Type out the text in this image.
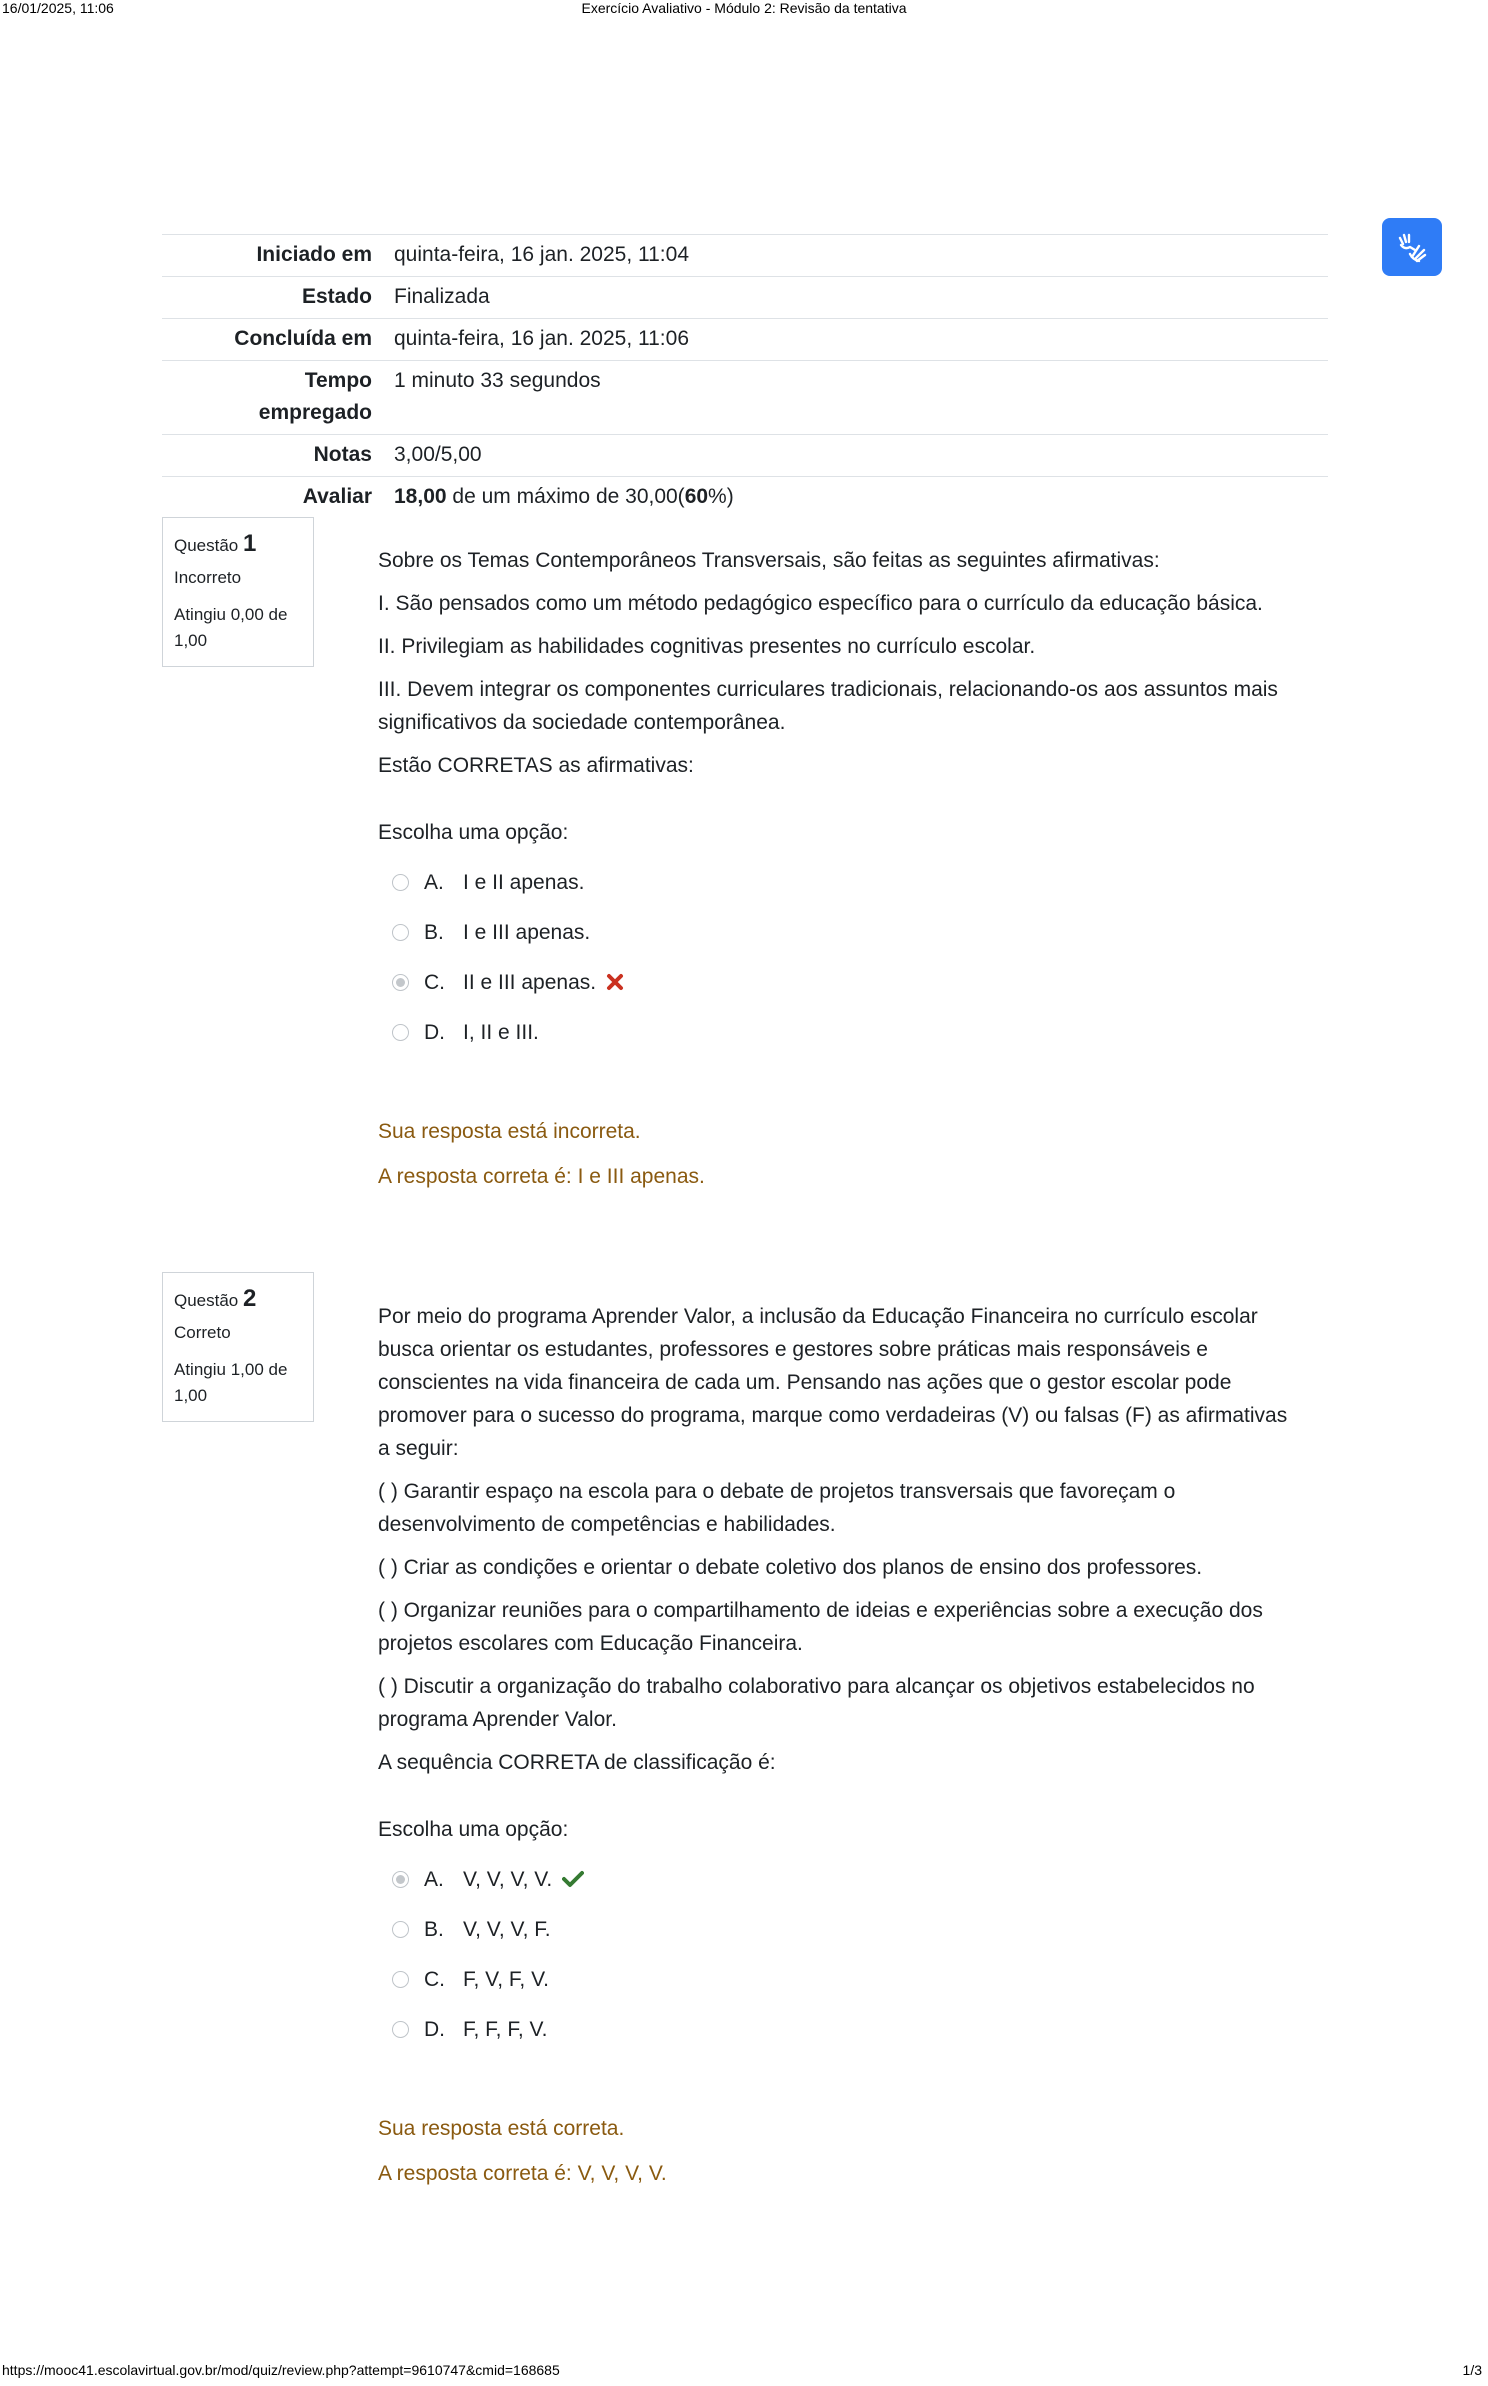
16/01/2025, 11:06	Exercício Avaliativo - Módulo 2: Revisão da tentativa
Iniciado em	quinta-feira, 16 jan. 2025, 11:04
Estado	Finalizada
Concluída em	quinta-feira, 16 jan. 2025, 11:06
Tempo
empregado	1 minuto 33 segundos
Notas	3,00/5,00
Avaliar	18,00 de um máximo de 30,00(60%)
Questão 1
Incorreto
Atingiu 0,00 de 1,00

Sobre os Temas Contemporâneos Transversais, são feitas as seguintes afirmativas:

I. São pensados como um método pedagógico específico para o currículo da educação básica.

II. Privilegiam as habilidades cognitivas presentes no currículo escolar.

III. Devem integrar os componentes curriculares tradicionais, relacionando-os aos assuntos mais significativos da sociedade contemporânea.

Estão CORRETAS as afirmativas:

Escolha uma opção:
A. I e II apenas.
B. I e III apenas.
C. II e III apenas.
D. I, II e III.
Sua resposta está incorreta.
A resposta correta é: I e III apenas.
Questão 2
Correto
Atingiu 1,00 de 1,00

Por meio do programa Aprender Valor, a inclusão da Educação Financeira no currículo escolar busca orientar os estudantes, professores e gestores sobre práticas mais responsáveis e conscientes na vida financeira de cada um. Pensando nas ações que o gestor escolar pode promover para o sucesso do programa, marque como verdadeiras (V) ou falsas (F) as afirmativas a seguir:

( ) Garantir espaço na escola para o debate de projetos transversais que favoreçam o desenvolvimento de competências e habilidades.

( ) Criar as condições e orientar o debate coletivo dos planos de ensino dos professores.

( ) Organizar reuniões para o compartilhamento de ideias e experiências sobre a execução dos projetos escolares com Educação Financeira.

( ) Discutir a organização do trabalho colaborativo para alcançar os objetivos estabelecidos no programa Aprender Valor.

A sequência CORRETA de classificação é:

Escolha uma opção:
A. V, V, V, V.
B. V, V, V, F.
C. F, V, F, V.
D. F, F, F, V.
Sua resposta está correta.
A resposta correta é: V, V, V, V.
https://mooc41.escolavirtual.gov.br/mod/quiz/review.php?attempt=9610747&cmid=168685	1/3
